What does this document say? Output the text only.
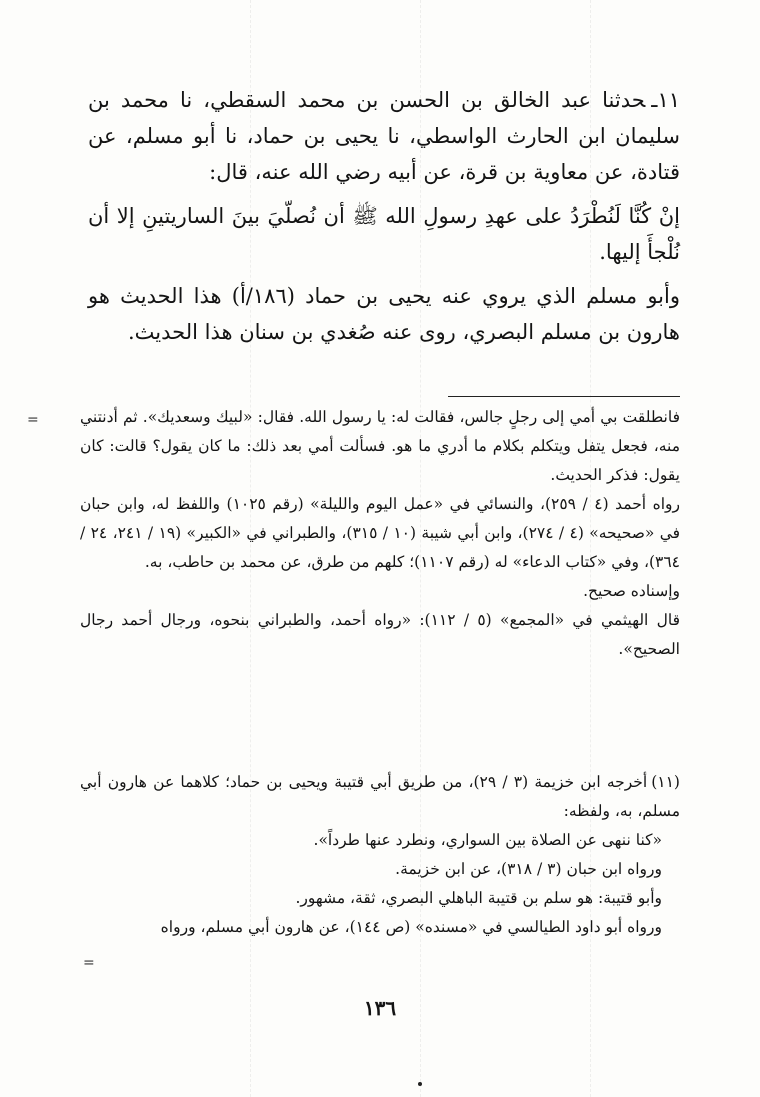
١١ـحدثنا عبد الخالق بن الحسن بن محمد السقطي، نا محمد بن سليمان ابن الحارث الواسطي، نا يحيى بن حماد، نا أبو مسلم، عن قتادة، عن معاوية بن قرة، عن أبيه رضي الله عنه، قال:

إنْ كُنَّا لَنُطْرَدُ على عهدِ رسولِ الله ﷺ أن نُصلّيَ بينَ الساريتينِ إلا أن نُلْجأَ إليها.

وأبو مسلم الذي يروي عنه يحيى بن حماد (١٨٦/أ) هذا الحديث هو هارون بن مسلم البصري، روى عنه صُغدي بن سنان هذا الحديث.

فانطلقت بي أمي إلى رجلٍ جالس، فقالت له: يا رسول الله. فقال: «لبيك وسعديك». ثم أدنتني منه، فجعل يتفل ويتكلم بكلام ما أدري ما هو. فسألت أمي بعد ذلك: ما كان يقول؟ قالت: كان يقول: فذكر الحديث.

رواه أحمد (٤ / ٢٥٩)، والنسائي في «عمل اليوم والليلة» (رقم ١٠٢٥) واللفظ له، وابن حبان في «صحيحه» (٤ / ٢٧٤)، وابن أبي شيبة (١٠ / ٣١٥)، والطبراني في «الكبير» (١٩ / ٢٤١، ٢٤ / ٣٦٤)، وفي «كتاب الدعاء» له (رقم ١١٠٧)؛ كلهم من طرق، عن محمد بن حاطب، به.

وإسناده صحيح.

قال الهيثمي في «المجمع» (٥ / ١١٢): «رواه أحمد، والطبراني بنحوه، ورجال أحمد رجال الصحيح».

(١١)أخرجه ابن خزيمة (٣ / ٢٩)، من طريق أبي قتيبة ويحيى بن حماد؛ كلاهما عن هارون أبي مسلم، به، ولفظه:

«كنا ننهى عن الصلاة بين السواري، ونطرد عنها طرداً».

ورواه ابن حبان (٣ / ٣١٨)، عن ابن خزيمة.

وأبو قتيبة: هو سلم بن قتيبة الباهلي البصري، ثقة، مشهور.

ورواه أبو داود الطيالسي في «مسنده» (ص ١٤٤)، عن هارون أبي مسلم، ورواه

=
=
١٣٦
